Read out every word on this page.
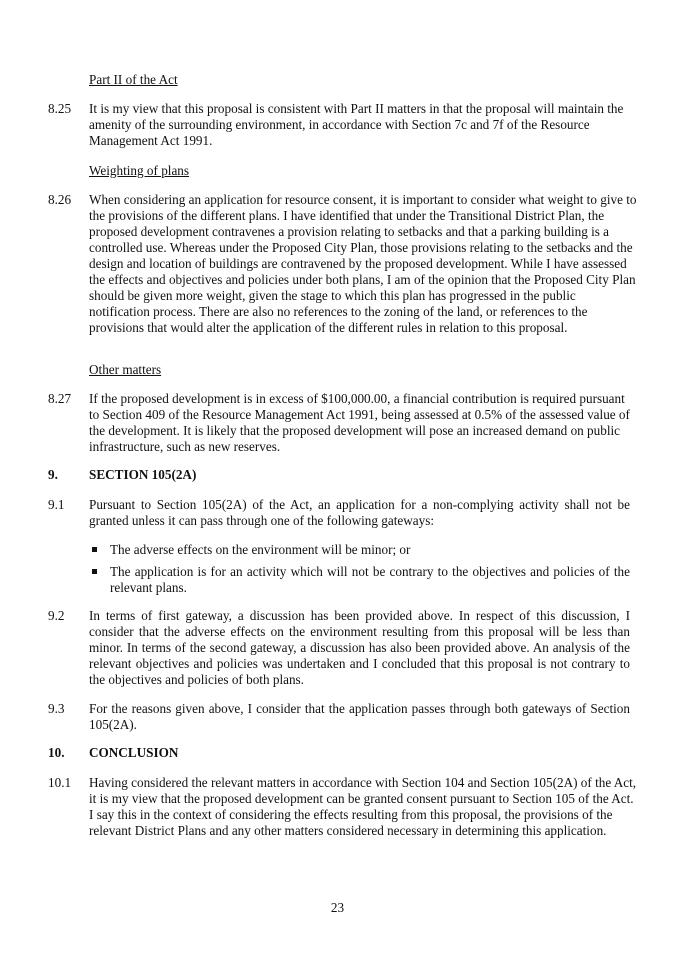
Part II of the Act
8.25 It is my view that this proposal is consistent with Part II matters in that the proposal will maintain the amenity of the surrounding environment, in accordance with Section 7c and 7f of the Resource Management Act 1991.
Weighting of plans
8.26 When considering an application for resource consent, it is important to consider what weight to give to the provisions of the different plans. I have identified that under the Transitional District Plan, the proposed development contravenes a provision relating to setbacks and that a parking building is a controlled use. Whereas under the Proposed City Plan, those provisions relating to the setbacks and the design and location of buildings are contravened by the proposed development. While I have assessed the effects and objectives and policies under both plans, I am of the opinion that the Proposed City Plan should be given more weight, given the stage to which this plan has progressed in the public notification process. There are also no references to the zoning of the land, or references to the provisions that would alter the application of the different rules in relation to this proposal.
Other matters
8.27 If the proposed development is in excess of $100,000.00, a financial contribution is required pursuant to Section 409 of the Resource Management Act 1991, being assessed at 0.5% of the assessed value of the development. It is likely that the proposed development will pose an increased demand on public infrastructure, such as new reserves.
9. SECTION 105(2A)
9.1 Pursuant to Section 105(2A) of the Act, an application for a non-complying activity shall not be granted unless it can pass through one of the following gateways:
The adverse effects on the environment will be minor; or
The application is for an activity which will not be contrary to the objectives and policies of the relevant plans.
9.2 In terms of first gateway, a discussion has been provided above. In respect of this discussion, I consider that the adverse effects on the environment resulting from this proposal will be less than minor. In terms of the second gateway, a discussion has also been provided above. An analysis of the relevant objectives and policies was undertaken and I concluded that this proposal is not contrary to the objectives and policies of both plans.
9.3 For the reasons given above, I consider that the application passes through both gateways of Section 105(2A).
10. CONCLUSION
10.1 Having considered the relevant matters in accordance with Section 104 and Section 105(2A) of the Act, it is my view that the proposed development can be granted consent pursuant to Section 105 of the Act. I say this in the context of considering the effects resulting from this proposal, the provisions of the relevant District Plans and any other matters considered necessary in determining this application.
23
